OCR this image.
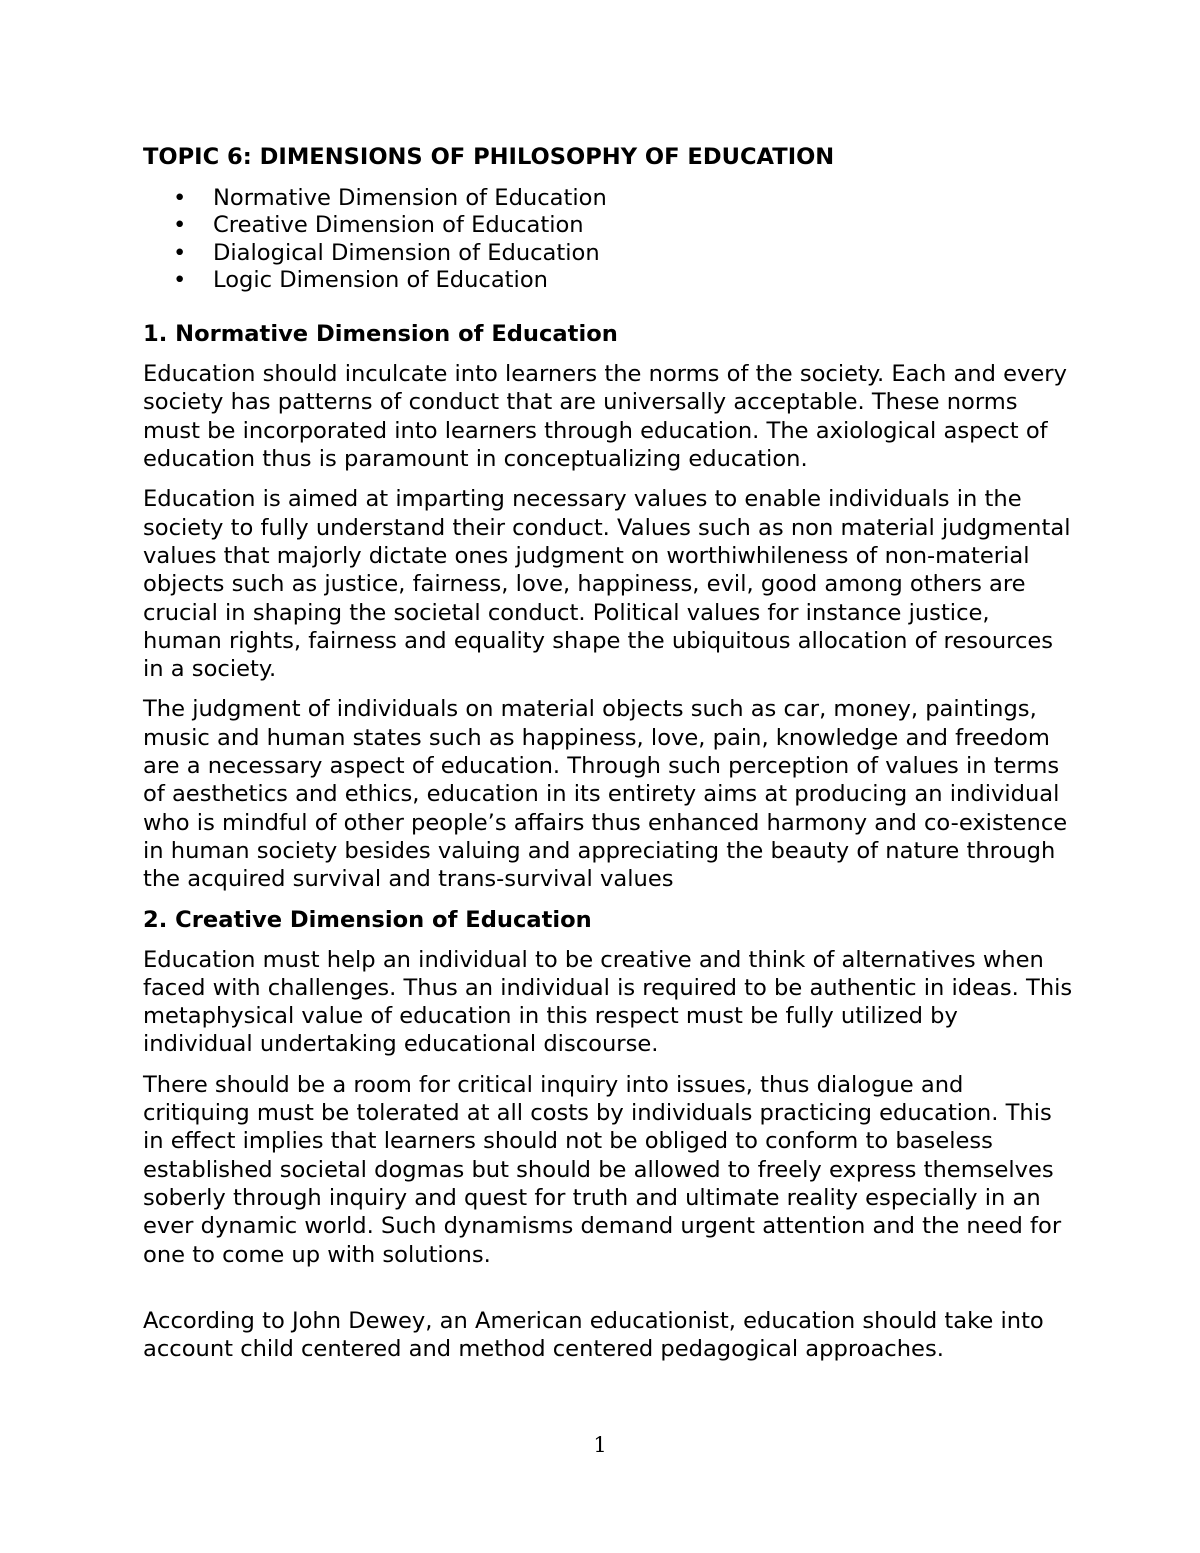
TOPIC 6: DIMENSIONS OF PHILOSOPHY OF EDUCATION
• Normative Dimension of Education
• Creative Dimension of Education
• Dialogical Dimension of Education
• Logic Dimension of Education
1. Normative Dimension of Education

Education should inculcate into learners the norms of the society. Each and every society has patterns of conduct that are universally acceptable. These norms must be incorporated into learners through education. The axiological aspect of education thus is paramount in conceptualizing education.

Education is aimed at imparting necessary values to enable individuals in the society to fully understand their conduct. Values such as non material judgmental values that majorly dictate ones judgment on worthiwhileness of non-material objects such as justice, fairness, love, happiness, evil, good among others are crucial in shaping the societal conduct. Political values for instance justice, human rights, fairness and equality shape the ubiquitous allocation of resources in a society.

The judgment of individuals on material objects such as car, money, paintings, music and human states such as happiness, love, pain, knowledge and freedom are a necessary aspect of education. Through such perception of values in terms of aesthetics and ethics, education in its entirety aims at producing an individual who is mindful of other people’s affairs thus enhanced harmony and co-existence in human society besides valuing and appreciating the beauty of nature through the acquired survival and trans-survival values

2. Creative Dimension of Education

Education must help an individual to be creative and think of alternatives when faced with challenges. Thus an individual is required to be authentic in ideas. This metaphysical value of education in this respect must be fully utilized by individual undertaking educational discourse.

There should be a room for critical inquiry into issues, thus dialogue and critiquing must be tolerated at all costs by individuals practicing education. This in effect implies that learners should not be obliged to conform to baseless established societal dogmas but should be allowed to freely express themselves soberly through inquiry and quest for truth and ultimate reality especially in an ever dynamic world. Such dynamisms demand urgent attention and the need for one to come up with solutions.

According to John Dewey, an American educationist, education should take into account child centered and method centered pedagogical approaches.

1
